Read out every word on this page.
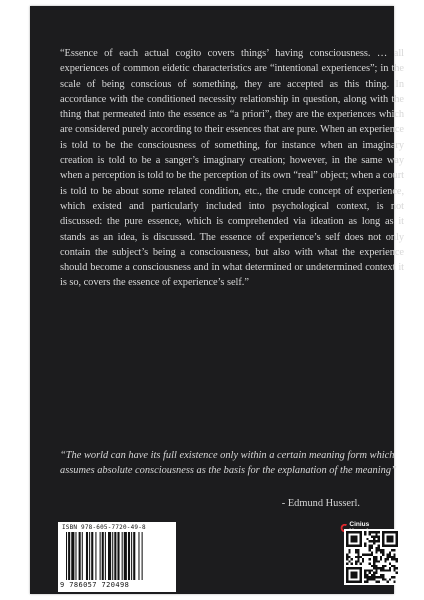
“Essence of each actual cogito covers things’ having consciousness. … all experiences of common eidetic characteristics are “intentional experiences”; in the scale of being conscious of something, they are accepted as this thing. In accordance with the conditioned necessity relationship in question, along with the thing that permeated into the essence as “a priori”, they are the experiences which are considered purely according to their essences that are pure. When an experience is told to be the consciousness of something, for instance when an imaginary creation is told to be a sanger’s imaginary creation; however, in the same way when a perception is told to be the perception of its own “real” object; when a court is told to be about some related condition, etc., the crude concept of experience, which existed and particularly included into psychological context, is not discussed: the pure essence, which is comprehended via ideation as long as it stands as an idea, is discussed. The essence of experience’s self does not only contain the subject’s being a consciousness, but also with what the experience should become a consciousness and in what determined or undetermined context it is so, covers the essence of experience’s self.”

“The world can have its full existence only within a certain meaning form which assumes absolute consciousness as the basis for the explanation of the meaning”

- Edmund Husserl.
ISBN 978-605-7720-49-8
9 786057 720498
Cinius
